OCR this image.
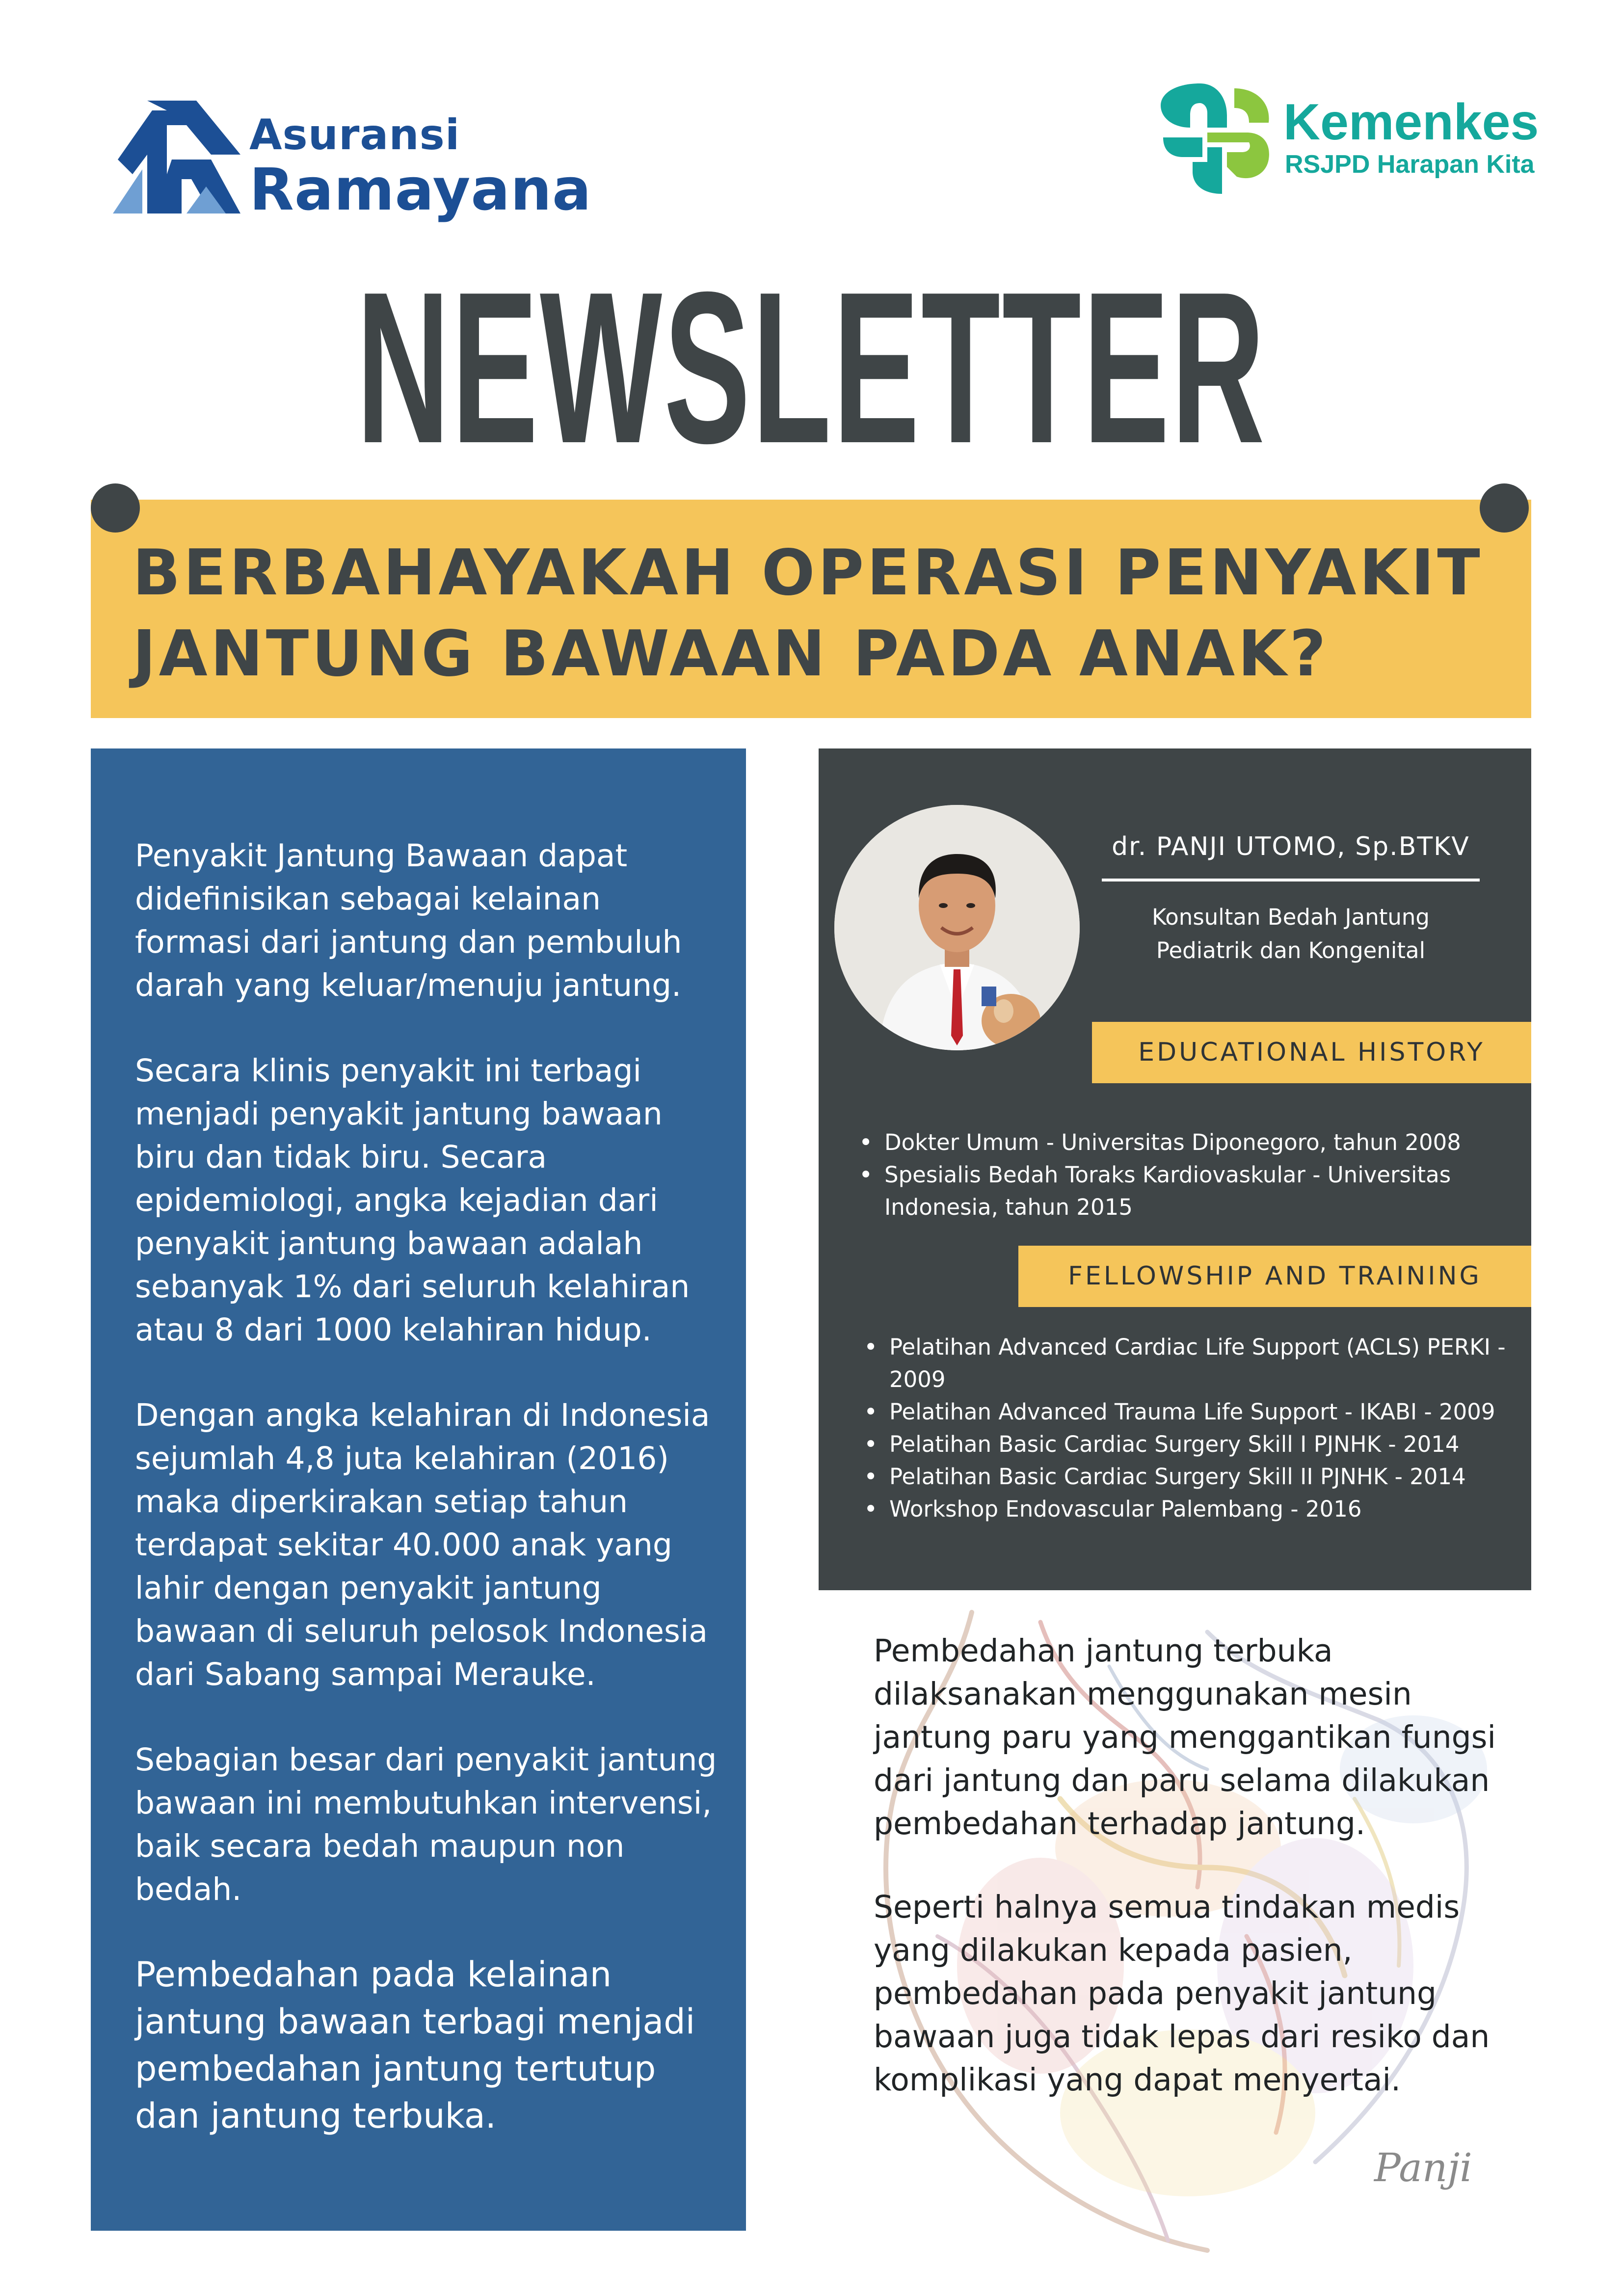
Asuransi
Ramayana
Kemenkes
RSJPD Harapan Kita
NEWSLETTER
BERBAHAYAKAH OPERASI PENYAKIT
JANTUNG BAWAAN PADA ANAK?

Penyakit Jantung Bawaan dapat didefinisikan sebagai kelainan formasi dari jantung dan pembuluh darah yang keluar/menuju jantung.

Secara klinis penyakit ini terbagi menjadi penyakit jantung bawaan biru dan tidak biru. Secara epidemiologi, angka kejadian dari penyakit jantung bawaan adalah sebanyak 1% dari seluruh kelahiran atau 8 dari 1000 kelahiran hidup.

Dengan angka kelahiran di Indonesia sejumlah 4,8 juta kelahiran (2016) maka diperkirakan setiap tahun terdapat sekitar 40.000 anak yang lahir dengan penyakit jantung bawaan di seluruh pelosok Indonesia dari Sabang sampai Merauke.

Sebagian besar dari penyakit jantung bawaan ini membutuhkan intervensi, baik secara bedah maupun non bedah.

Pembedahan pada kelainan jantung bawaan terbagi menjadi pembedahan jantung tertutup dan jantung terbuka.

dr. PANJI UTOMO, Sp.BTKV
Konsultan Bedah Jantung
Pediatrik dan Kongenital
EDUCATIONAL HISTORY
• Dokter Umum - Universitas Diponegoro, tahun 2008
• Spesialis Bedah Toraks Kardiovaskular - Universitas Indonesia, tahun 2015
FELLOWSHIP AND TRAINING
• Pelatihan Advanced Cardiac Life Support (ACLS) PERKI - 2009
• Pelatihan Advanced Trauma Life Support - IKABI - 2009
• Pelatihan Basic Cardiac Surgery Skill I PJNHK - 2014
• Pelatihan Basic Cardiac Surgery Skill II PJNHK - 2014
• Workshop Endovascular Palembang - 2016

Pembedahan jantung terbuka dilaksanakan menggunakan mesin jantung paru yang menggantikan fungsi dari jantung dan paru selama dilakukan pembedahan terhadap jantung.

Seperti halnya semua tindakan medis yang dilakukan kepada pasien, pembedahan pada penyakit jantung bawaan juga tidak lepas dari resiko dan komplikasi yang dapat menyertai.

Panji
